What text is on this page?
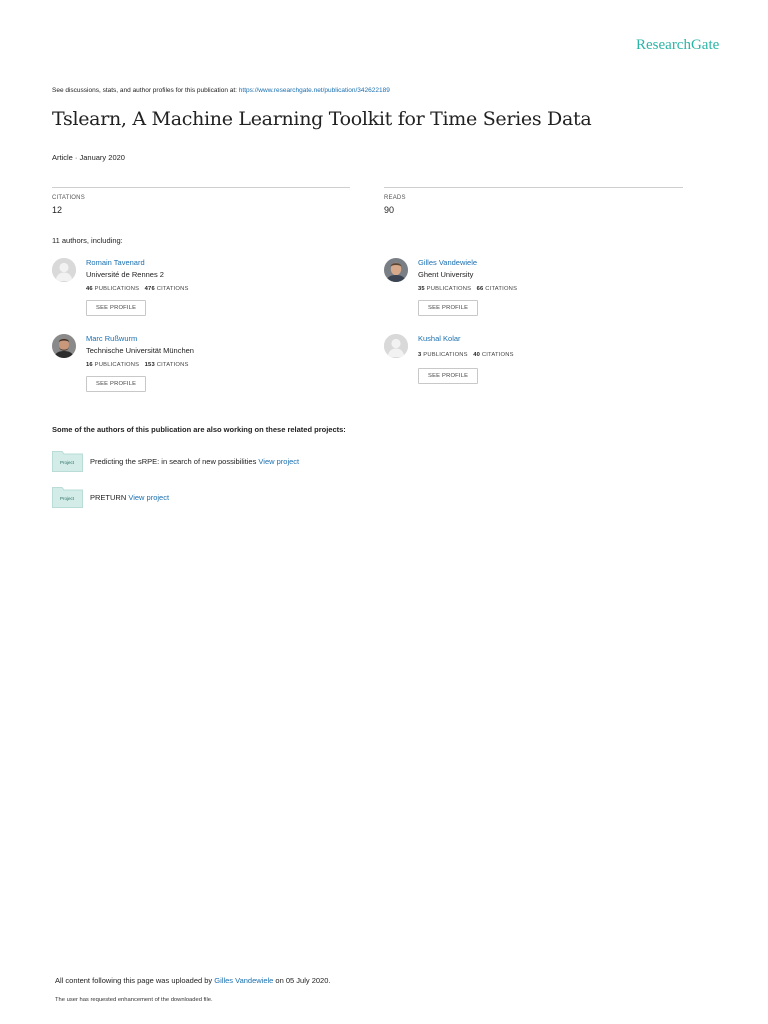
ResearchGate
See discussions, stats, and author profiles for this publication at: https://www.researchgate.net/publication/342622189
Tslearn, A Machine Learning Toolkit for Time Series Data
Article · January 2020
CITATIONS
12
READS
90
11 authors, including:
Romain Tavenard
Université de Rennes 2
46 PUBLICATIONS 476 CITATIONS
SEE PROFILE
Gilles Vandewiele
Ghent University
35 PUBLICATIONS 66 CITATIONS
SEE PROFILE
Marc Rußwurm
Technische Universität München
16 PUBLICATIONS 153 CITATIONS
SEE PROFILE
Kushal Kolar
3 PUBLICATIONS 40 CITATIONS
SEE PROFILE
Some of the authors of this publication are also working on these related projects:
Project Predicting the sRPE: in search of new possibilities View project
Project PRETURN View project
All content following this page was uploaded by Gilles Vandewiele on 05 July 2020.
The user has requested enhancement of the downloaded file.
